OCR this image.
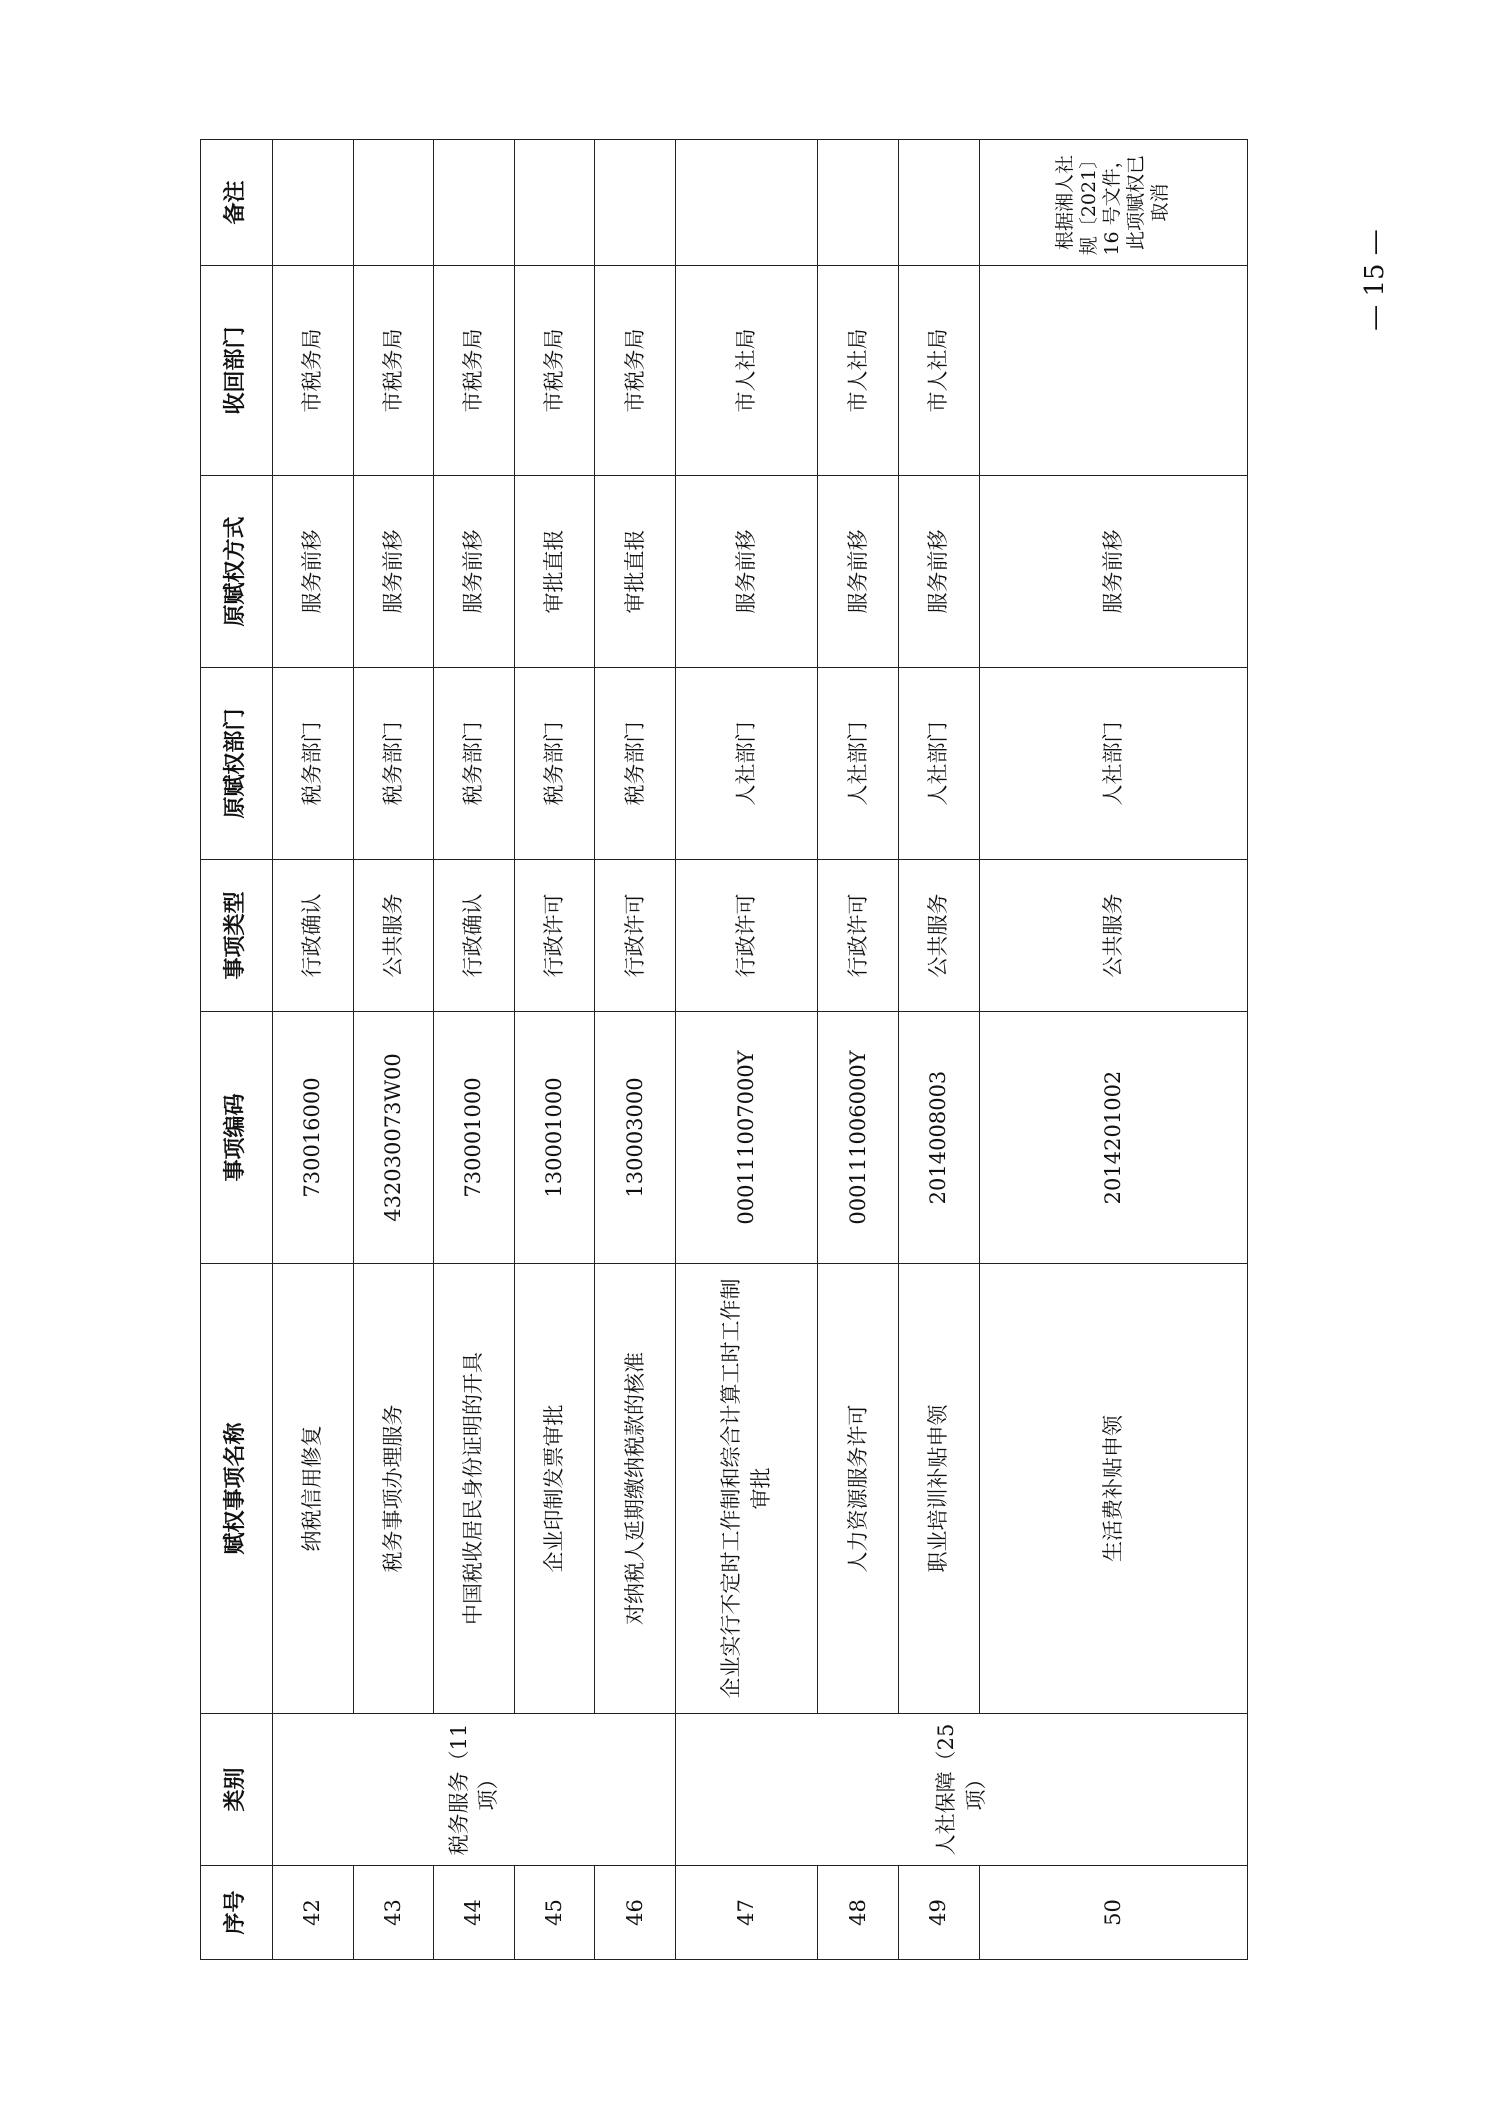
— 15 —
序号	类别	赋权事项名称	事项编码	事项类型	原赋权部门	原赋权方式	收回部门	备注
42	税务服务（11 项）	纳税信用修复	730016000	行政确认	税务部门	服务前移	市税务局	
43		税务事项办理服务	432030073W00	公共服务	税务部门	服务前移	市税务局	
44		中国税收居民身份证明的开具	730001000	行政确认	税务部门	服务前移	市税务局	
45		企业印制发票审批	130001000	行政许可	税务部门	审批直报	市税务局	
46		对纳税人延期缴纳税款的核准	130003000	行政许可	税务部门	审批直报	市税务局	
47	人社保障（25 项）	企业实行不定时工作制和综合计算工时工作制审批	000111007000Y	行政许可	人社部门	服务前移	市人社局	
48		人力资源服务许可	000111006000Y	行政许可	人社部门	服务前移	市人社局	
49		职业培训补贴申领	2014008003	公共服务	人社部门	服务前移	市人社局	
50		生活费补贴申领	2014201002	公共服务	人社部门	服务前移		根据湘人社规〔2021〕16 号文件，此项赋权已取消
